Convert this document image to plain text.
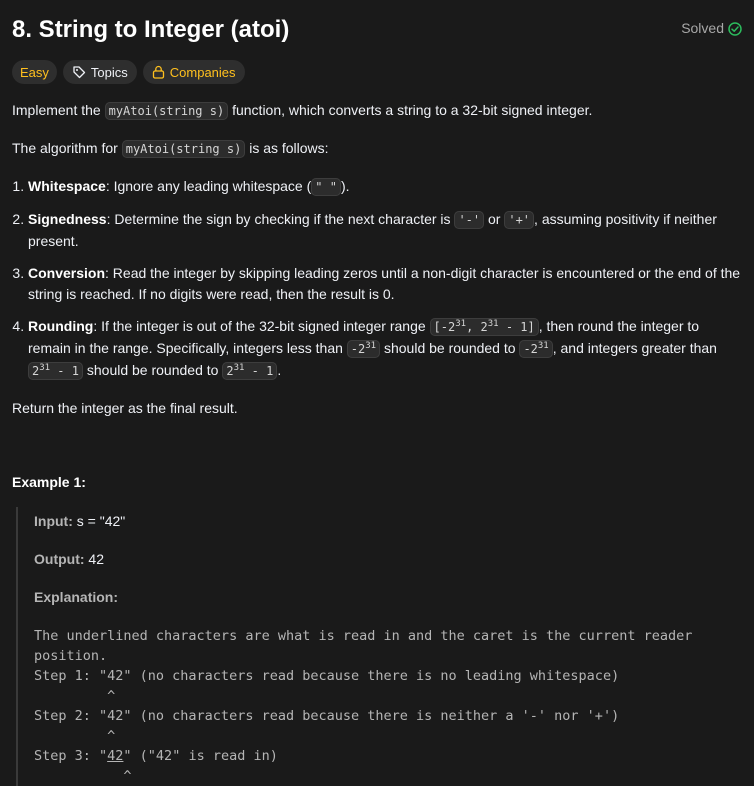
8. String to Integer (atoi)	Solved
Easy	Topics	Companies

Implement the myAtoi(string s) function, which converts a string to a 32-bit signed integer.

The algorithm for myAtoi(string s) is as follows:

1. Whitespace: Ignore any leading whitespace ( " " ).
2. Signedness: Determine the sign by checking if the next character is '-' or '+' , assuming positivity if neither present.
3. Conversion: Read the integer by skipping leading zeros until a non-digit character is encountered or the end of the string is reached. If no digits were read, then the result is 0.
4. Rounding: If the integer is out of the 32-bit signed integer range [$-2^{31}$, $2^{31} - 1$] , then round the integer to remain in the range. Specifically, integers less than $-2^{31}$ should be rounded to $-2^{31}$ , and integers greater than $2^{31} - 1$ should be rounded to $2^{31} - 1$ .

Return the integer as the final result.

Example 1:

Input: s = "42"
Output: 42
Explanation:
The underlined characters are what is read in and the caret is the current reader
position.
Step 1: "42" (no characters read because there is no leading whitespace)
^
Step 2: "42" (no characters read because there is neither a '-' nor '+')
^
Step 3: "42" ("42" is read in)
^
